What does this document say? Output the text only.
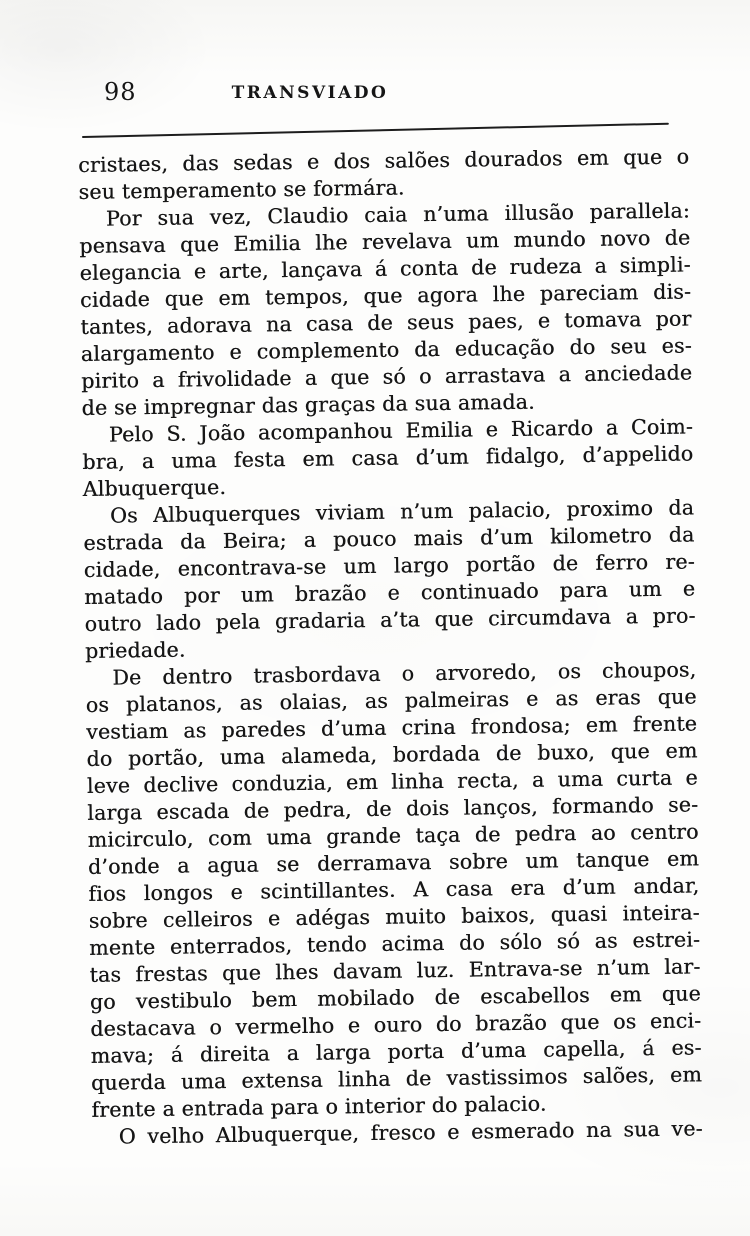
98	TRANSVIADO

cristaes, das sedas e dos salões dourados em que o
seu temperamento se formára.

Por sua vez, Claudio caia n’uma illusão parallela:
pensava que Emilia lhe revelava um mundo novo de
elegancia e arte, lançava á conta de rudeza a simpli-
cidade que em tempos, que agora lhe pareciam dis-
tantes, adorava na casa de seus paes, e tomava por
alargamento e complemento da educação do seu es-
pirito a frivolidade a que só o arrastava a anciedade
de se impregnar das graças da sua amada.

Pelo S. João acompanhou Emilia e Ricardo a Coim-
bra, a uma festa em casa d’um fidalgo, d’appelido
Albuquerque.

Os Albuquerques viviam n’um palacio, proximo da
estrada da Beira; a pouco mais d’um kilometro da
cidade, encontrava-se um largo portão de ferro re-
matado por um brazão e continuado para um e
outro lado pela gradaria a’ta que circumdava a pro-
priedade.

De dentro trasbordava o arvoredo, os choupos,
os platanos, as olaias, as palmeiras e as eras que
vestiam as paredes d’uma crina frondosa; em frente
do portão, uma alameda, bordada de buxo, que em
leve declive conduzia, em linha recta, a uma curta e
larga escada de pedra, de dois lanços, formando se-
micirculo, com uma grande taça de pedra ao centro
d’onde a agua se derramava sobre um tanque em
fios longos e scintillantes. A casa era d’um andar,
sobre celleiros e adégas muito baixos, quasi inteira-
mente enterrados, tendo acima do sólo só as estrei-
tas frestas que lhes davam luz. Entrava-se n’um lar-
go vestibulo bem mobilado de escabellos em que
destacava o vermelho e ouro do brazão que os enci-
mava; á direita a larga porta d’uma capella, á es-
querda uma extensa linha de vastissimos salões, em
frente a entrada para o interior do palacio.

O velho Albuquerque, fresco e esmerado na sua ve-
